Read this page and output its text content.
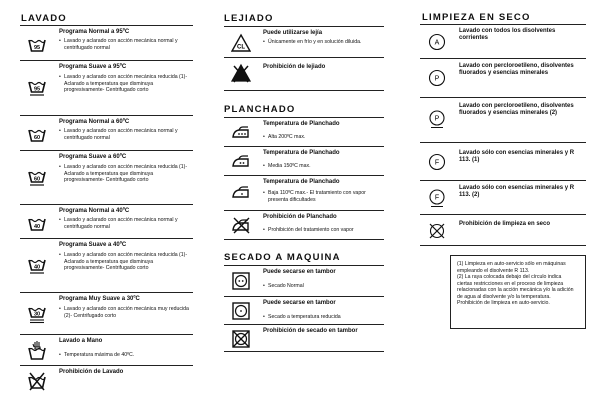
LAVADO
95
Programa Normal a 95ºC
• Lavado y aclarado con acción mecánica normal y centrifugado normal
95
Programa Suave a 95ºC
• Lavado y aclarado con acción mecánica reducida (1)- Aclarado a temperatura que disminuya progresivamente- Centrifugado corto
60
Programa Normal a 60ºC
• Lavado y aclarado con acción mecánica normal y centrifugado normal
60
Programa Suave a 60ºC
• Lavado y aclarado con acción mecánica reducida (1)- Aclarado a temperatura que disminuya progresivamente- Centrifugado corto
40
Programa Normal a 40ºC
• Lavado y aclarado con acción mecánica normal y centrifugado normal
40
Programa Suave a 40ºC
• Lavado y aclarado con acción mecánica reducida (1)- Aclarado a temperatura que disminuya progresivamente- Centrifugado corto
30
Programa Muy Suave a 30ºC
• Lavado y aclarado con acción mecánica muy reducida (2)- Centrifugado corto
Lavado a Mano
• Temperatura máxima de 40ºC.
Prohibición de Lavado
LEJIADO
CL
Puede utilizarse lejía
• Únicamente en frío y en solución diluida.
Prohibición de lejiado
PLANCHADO
Temperatura de Planchado
• Alta 200ºC max.
Temperatura de Planchado
• Media 150ºC max.
Temperatura de Planchado
• Baja 110ºC max.- El tratamiento con vapor presenta dificultades
Prohibición de Planchado
• Prohibición del tratamiento con vapor
SECADO A MAQUINA
Puede secarse en tambor
• Secado Normal
Puede secarse en tambor
• Secado a temperatura reducida
Prohibición de secado en tambor
LIMPIEZA EN SECO
A
Lavado con todos los disolventes corrientes
P
Lavado con percloroetileno, disolventes fluorados y esencias minerales
P
Lavado con percloroetileno, disolventes fluorados y esencias minerales (2)
F
Lavado sólo con esencias minerales y R 113. (1)
F
Lavado sólo con esencias minerales y R 113. (2)
Prohibición de limpieza en seco

(1) Limpieza en auto-servicio sólo en máquinas empleando el disolvente R 113.

(2) La raya colocada debajo del círculo indica ciertas restricciones en el proceso de limpieza relacionadas con la acción mecánica y/o la adición de agua al disolvente y/o la temperatura. Prohibición de limpieza en auto-servicio.
